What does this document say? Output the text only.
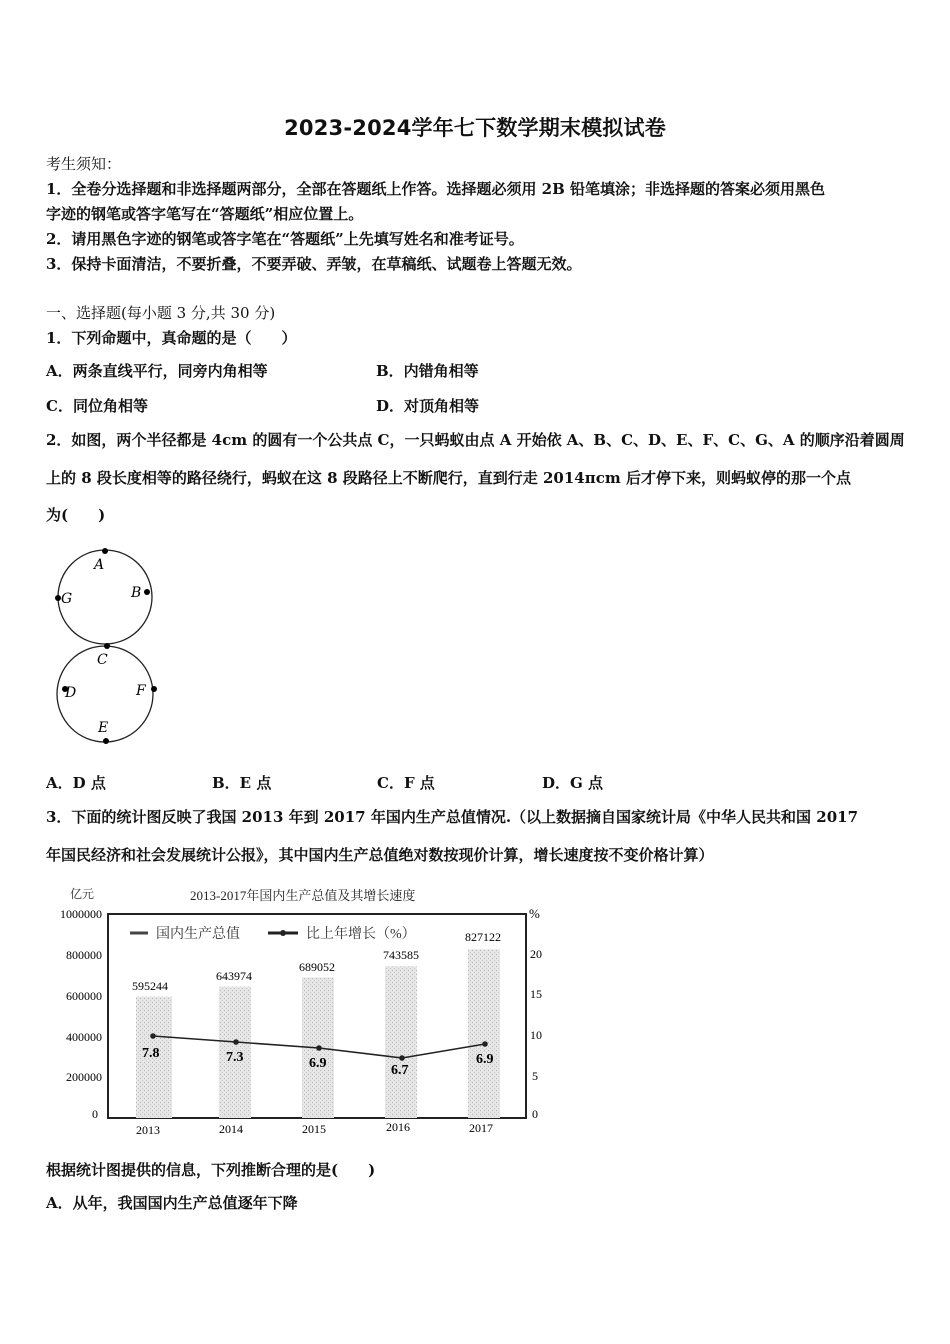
2023-2024学年七下数学期末模拟试卷
考生须知：
1．全卷分选择题和非选择题两部分，全部在答题纸上作答。选择题必须用 2B 铅笔填涂；非选择题的答案必须用黑色
字迹的钢笔或答字笔写在“答题纸”相应位置上。
2．请用黑色字迹的钢笔或答字笔在“答题纸”上先填写姓名和准考证号。
3．保持卡面清洁，不要折叠，不要弄破、弄皱，在草稿纸、试题卷上答题无效。
一、选择题(每小题 3 分,共 30 分)
1．下列命题中，真命题的是（　　）
A．两条直线平行，同旁内角相等	B．内错角相等
C．同位角相等	D．对顶角相等
2．如图，两个半径都是 4cm 的圆有一个公共点 C，一只蚂蚁由点 A 开始依 A、B、C、D、E、F、C、G、A 的顺序沿着圆周
上的 8 段长度相等的路径绕行，蚂蚁在这 8 段路径上不断爬行，直到行走 2014πcm 后才停下来，则蚂蚁停的那一个点
为(　　)
A
B
G
C
D	F
E
A．D 点	B．E 点	C．F 点	D．G 点
3．下面的统计图反映了我国 2013 年到 2017 年国内生产总值情况.（以上数据摘自国家统计局《中华人民共和国 2017
年国民经济和社会发展统计公报》，其中国内生产总值绝对数按现价计算，增长速度按不变价格计算）
亿元	2013-2017年国内生产总值及其增长速度
1000000
800000
600000
400000
200000
0
%
20
15
10
5
0
国内生产总值	比上年增长（%）
595244
643974
689052
743585
827122
7.8	7.3	6.9	6.7
6.9
2013	2014	2015	2016	2017
根据统计图提供的信息，下列推断合理的是(　　)
A．从年，我国国内生产总值逐年下降
